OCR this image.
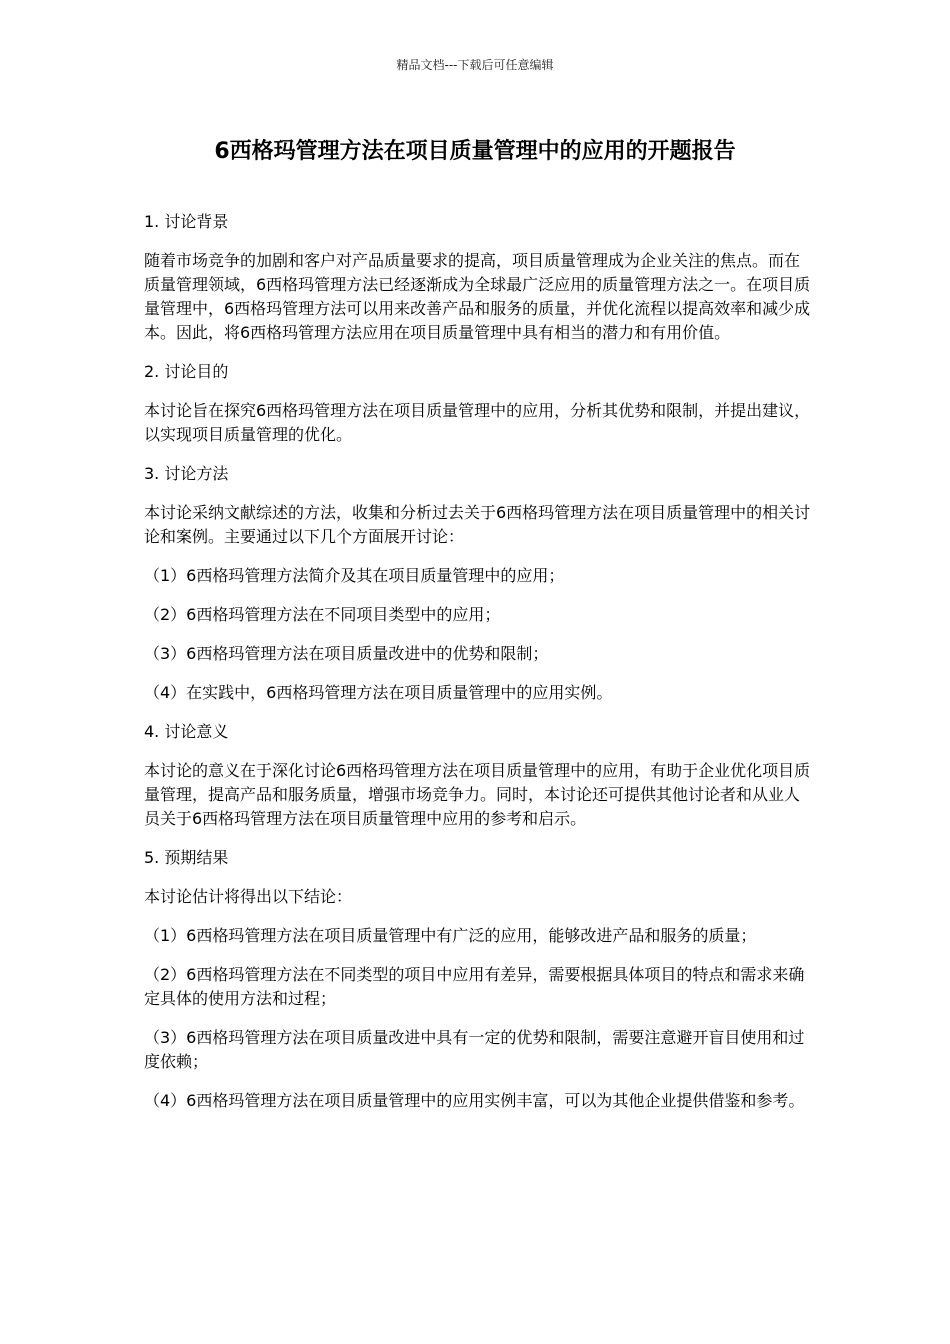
精品文档---下载后可任意编辑
6西格玛管理方法在项目质量管理中的应用的开题报告

1. 讨论背景

随着市场竞争的加剧和客户对产品质量要求的提高，项目质量管理成为企业关注的焦点。而在质量管理领域，6西格玛管理方法已经逐渐成为全球最广泛应用的质量管理方法之一。在项目质量管理中，6西格玛管理方法可以用来改善产品和服务的质量，并优化流程以提高效率和减少成本。因此，将6西格玛管理方法应用在项目质量管理中具有相当的潜力和有用价值。

2. 讨论目的

本讨论旨在探究6西格玛管理方法在项目质量管理中的应用，分析其优势和限制，并提出建议，以实现项目质量管理的优化。

3. 讨论方法

本讨论采纳文献综述的方法，收集和分析过去关于6西格玛管理方法在项目质量管理中的相关讨论和案例。主要通过以下几个方面展开讨论：

（1）6西格玛管理方法简介及其在项目质量管理中的应用；

（2）6西格玛管理方法在不同项目类型中的应用；

（3）6西格玛管理方法在项目质量改进中的优势和限制；

（4）在实践中，6西格玛管理方法在项目质量管理中的应用实例。

4. 讨论意义

本讨论的意义在于深化讨论6西格玛管理方法在项目质量管理中的应用，有助于企业优化项目质量管理，提高产品和服务质量，增强市场竞争力。同时，本讨论还可提供其他讨论者和从业人员关于6西格玛管理方法在项目质量管理中应用的参考和启示。

5. 预期结果

本讨论估计将得出以下结论：

（1）6西格玛管理方法在项目质量管理中有广泛的应用，能够改进产品和服务的质量；

（2）6西格玛管理方法在不同类型的项目中应用有差异，需要根据具体项目的特点和需求来确定具体的使用方法和过程；

（3）6西格玛管理方法在项目质量改进中具有一定的优势和限制，需要注意避开盲目使用和过度依赖；

（4）6西格玛管理方法在项目质量管理中的应用实例丰富，可以为其他企业提供借鉴和参考。
